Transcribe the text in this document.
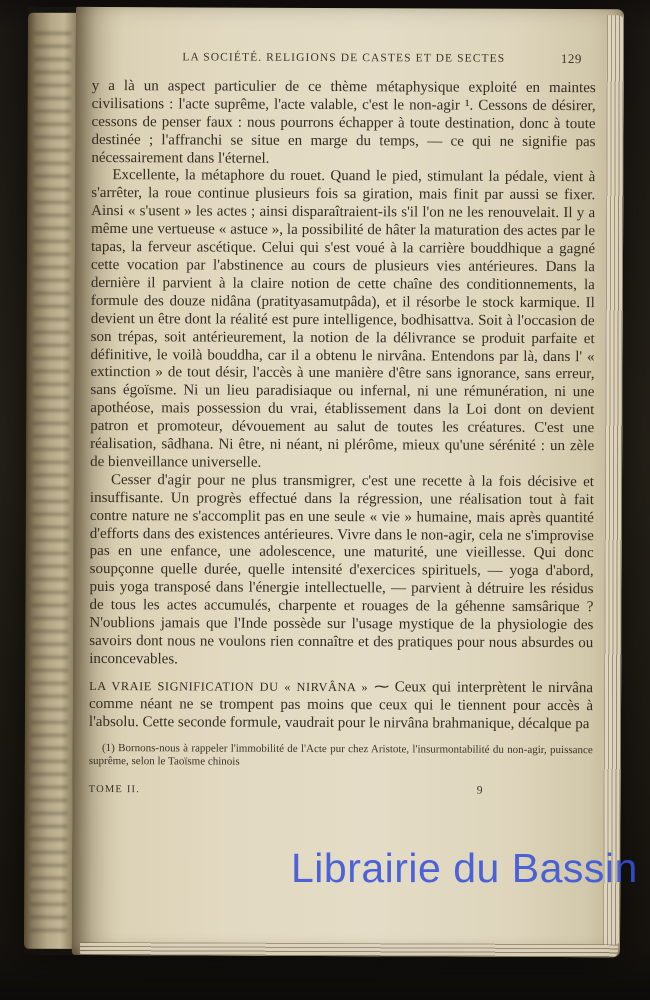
LA SOCIÉTÉ. RELIGIONS DE CASTES ET DE SECTES	129

y a là un aspect particulier de ce thème métaphysique exploité en maintes civilisations : l'acte suprême, l'acte valable, c'est le non-agir ¹. Cessons de désirer, cessons de penser faux : nous pourrons échapper à toute destination, donc à toute destinée ; l'affranchi se situe en marge du temps, — ce qui ne signifie pas nécessairement dans l'éternel.

Excellente, la métaphore du rouet. Quand le pied, stimulant la pédale, vient à s'arrêter, la roue continue plusieurs fois sa giration, mais finit par aussi se fixer. Ainsi « s'usent » les actes ; ainsi disparaîtraient-ils s'il l'on ne les renouvelait. Il y a même une vertueuse « astuce », la possibilité de hâter la maturation des actes par le tapas, la ferveur ascétique. Celui qui s'est voué à la carrière bouddhique a gagné cette vocation par l'abstinence au cours de plusieurs vies antérieures. Dans la dernière il parvient à la claire notion de cette chaîne des conditionnements, la formule des douze nidâna (pratityasamutpâda), et il résorbe le stock karmique. Il devient un être dont la réalité est pure intelligence, bodhisattva. Soit à l'occasion de son trépas, soit antérieurement, la notion de la délivrance se produit parfaite et définitive, le voilà bouddha, car il a obtenu le nirvâna. Entendons par là, dans l' « extinction » de tout désir, l'accès à une manière d'être sans ignorance, sans erreur, sans égoïsme. Ni un lieu paradisiaque ou infernal, ni une rémunération, ni une apothéose, mais possession du vrai, établissement dans la Loi dont on devient patron et promoteur, dévouement au salut de toutes les créatures. C'est une réalisation, sâdhana. Ni être, ni néant, ni plérôme, mieux qu'une sérénité : un zèle de bienveillance universelle.

Cesser d'agir pour ne plus transmigrer, c'est une recette à la fois décisive et insuffisante. Un progrès effectué dans la régression, une réalisation tout à fait contre nature ne s'accomplit pas en une seule « vie » humaine, mais après quantité d'efforts dans des existences antérieures. Vivre dans le non-agir, cela ne s'improvise pas en une enfance, une adolescence, une maturité, une vieillesse. Qui donc soupçonne quelle durée, quelle intensité d'exercices spirituels, — yoga d'abord, puis yoga transposé dans l'énergie intellectuelle, — parvient à détruire les résidus de tous les actes accumulés, charpente et rouages de la géhenne samsârique ? N'oublions jamais que l'Inde possède sur l'usage mystique de la physiologie des savoirs dont nous ne voulons rien connaître et des pratiques pour nous absurdes ou inconcevables.

LA VRAIE SIGNIFICATION DU « NIRVÂNA » ⁓ Ceux qui interprètent le nirvâna comme néant ne se trompent pas moins que ceux qui le tiennent pour accès à l'absolu. Cette seconde formule, vaudrait pour le nirvâna brahmanique, décalque pa

(1) Bornons-nous à rappeler l'immobilité de l'Acte pur chez Aristote, l'insurmontabilité du non-agir, puissance suprême, selon le Taoïsme chinois

TOME II.	9
Librairie du Bassin
